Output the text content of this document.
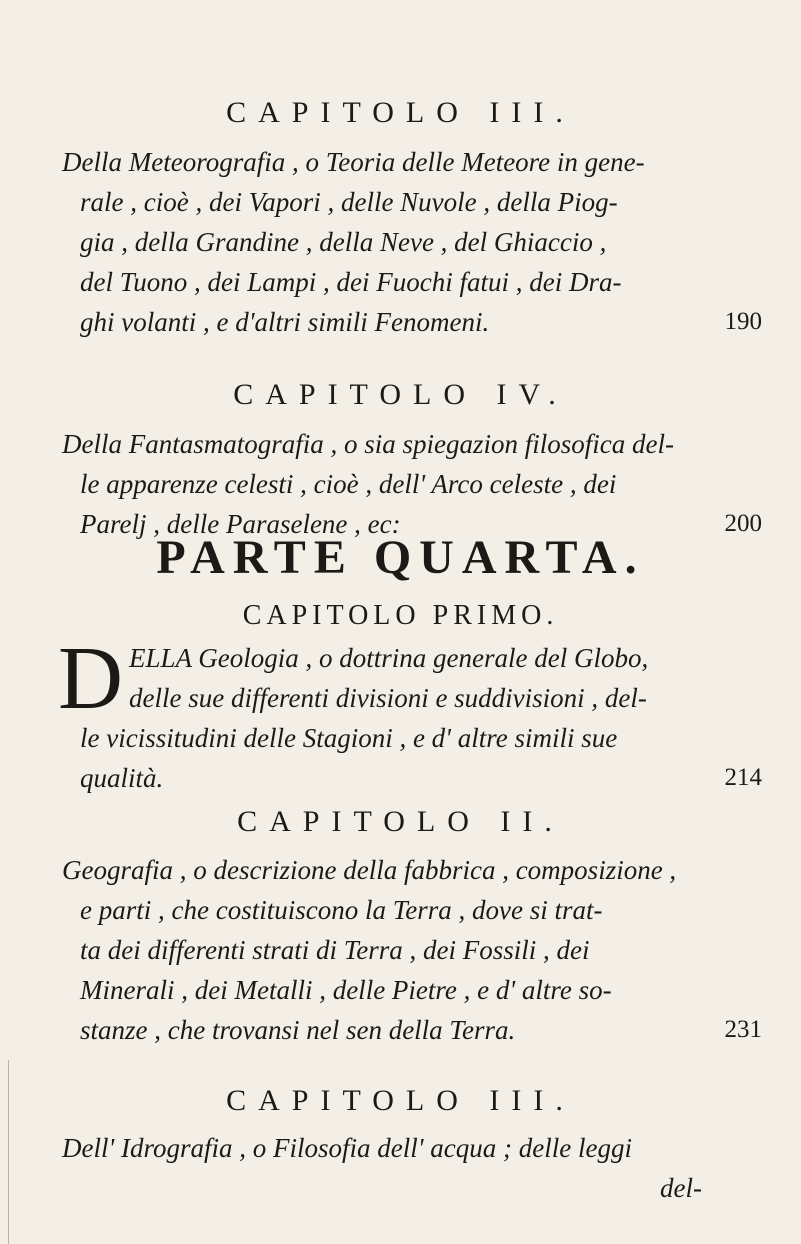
CAPITOLO III.
Della Meteorografia , o Teoria delle Meteore in gene-
rale , cioè , dei Vapori , delle Nuvole , della Piog-
gia , della Grandine , della Neve , del Ghiaccio ,
del Tuono , dei Lampi , dei Fuochi fatui , dei Dra-
ghi volanti , e d'altri simili Fenomeni.	190
CAPITOLO IV.
Della Fantasmatografia , o sia spiegazion filosofica del-
le apparenze celesti , cioè , dell' Arco celeste , dei
Parelj , delle Paraselene , ec:	200
PARTE QUARTA.
CAPITOLO PRIMO.
D ELLA Geologia , o dottrina generale del Globo,
delle sue differenti divisioni e suddivisioni , del-
le vicissitudini delle Stagioni , e d' altre simili sue
qualità.	214
CAPITOLO II.
Geografia , o descrizione della fabbrica , composizione ,
e parti , che costituiscono la Terra , dove si trat-
ta dei differenti strati di Terra , dei Fossili , dei
Minerali , dei Metalli , delle Pietre , e d' altre so-
stanze , che trovansi nel sen della Terra.	231
CAPITOLO III.
Dell' Idrografia , o Filosofia dell' acqua ; delle leggi
del-
